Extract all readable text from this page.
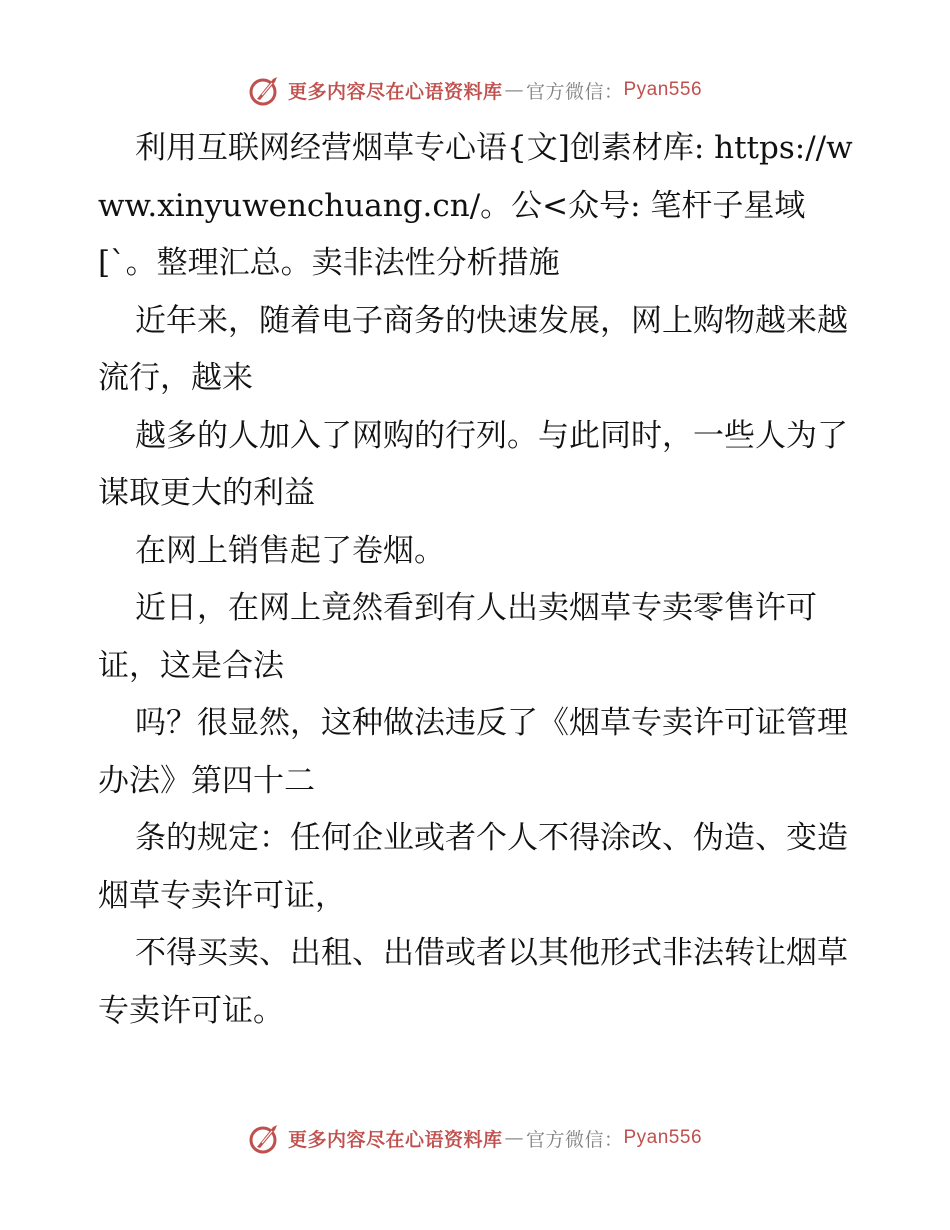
更多内容尽在心语资料库 — 官方微信： Pyan556

利用互联网经营烟草专心语{文]创素材库: https://www.xinyuwenchuang.cn/。公<众号: 笔杆子星域[`。整理汇总。卖非法性分析措施

近年来，随着电子商务的快速发展，网上购物越来越流行，越来

越多的人加入了网购的行列。与此同时，一些人为了谋取更大的利益

在网上销售起了卷烟。

近日，在网上竟然看到有人出卖烟草专卖零售许可证，这是合法

吗？很显然，这种做法违反了《烟草专卖许可证管理办法》第四十二

条的规定：任何企业或者个人不得涂改、伪造、变造烟草专卖许可证，

不得买卖、出租、出借或者以其他形式非法转让烟草专卖许可证。

更多内容尽在心语资料库 — 官方微信： Pyan556
